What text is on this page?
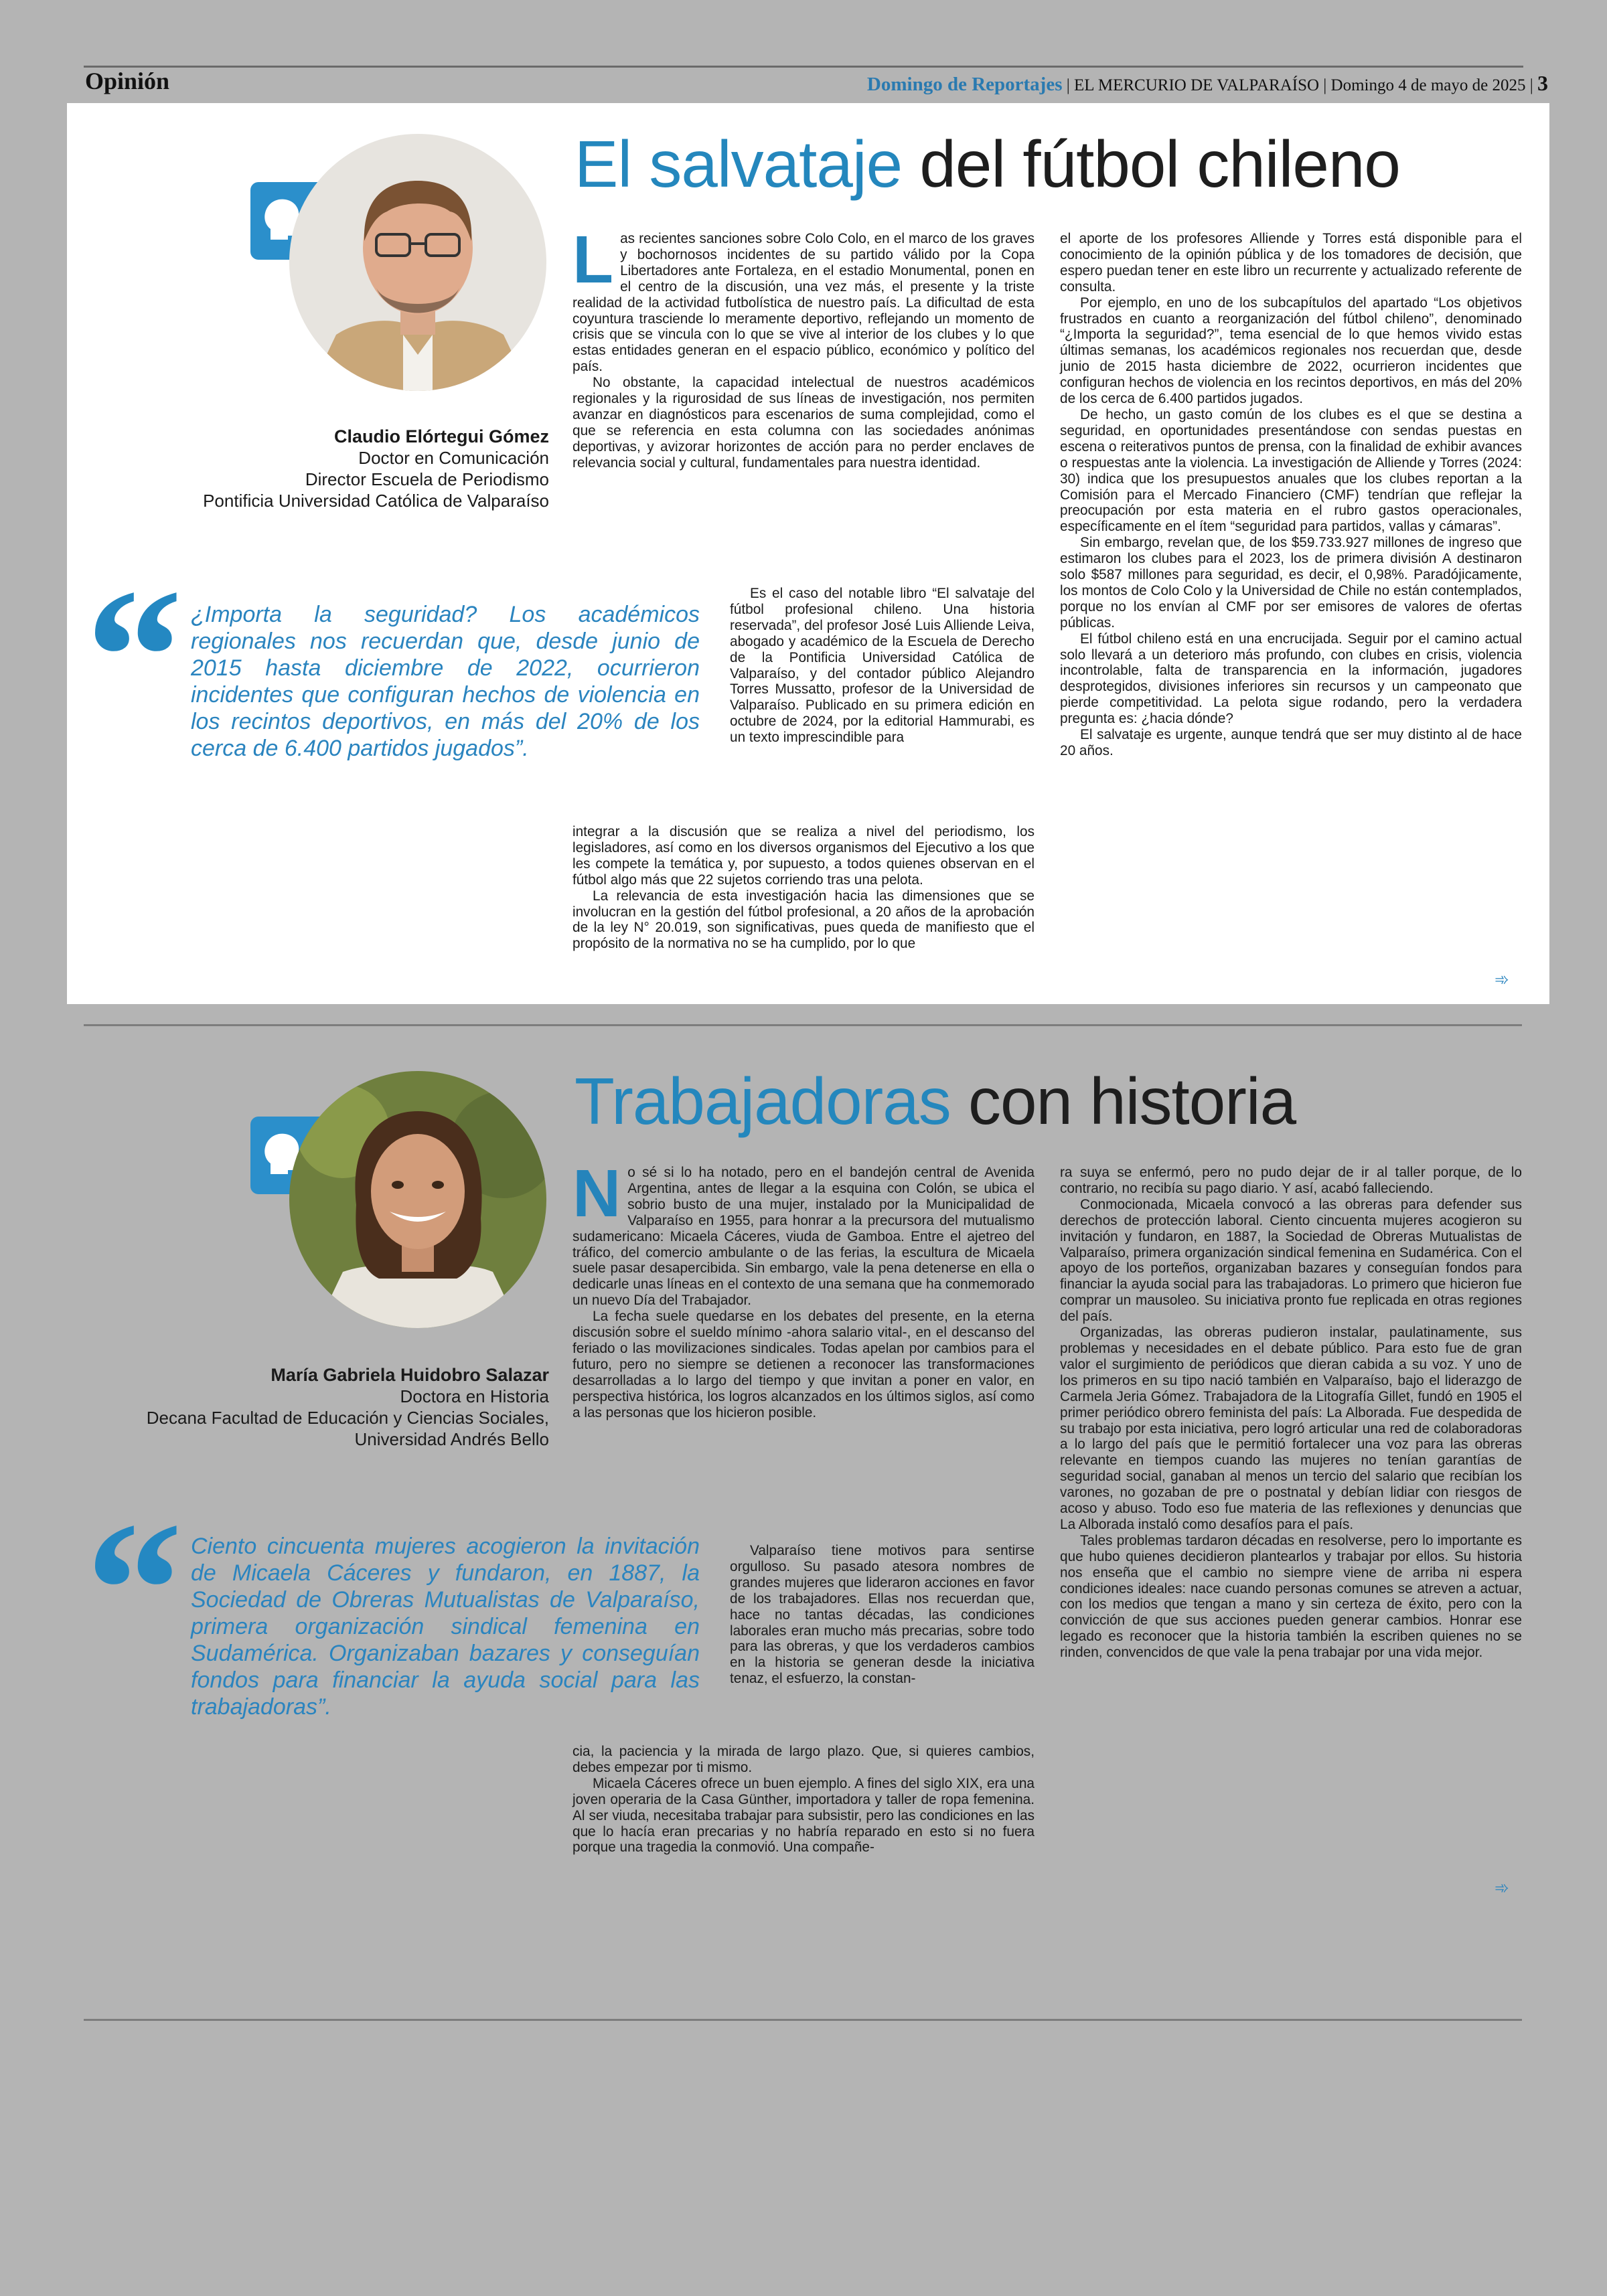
Opinión	Domingo de Reportajes | EL MERCURIO DE VALPARAÍSO | Domingo 4 de mayo de 2025 | 3
El salvataje del fútbol chileno
Claudio Elórtegui Gómez
Doctor en Comunicación
Director Escuela de Periodismo
Pontificia Universidad Católica de Valparaíso
“ ¿Importa la seguridad? Los académicos regionales nos recuerdan que, desde junio de 2015 hasta diciembre de 2022, ocurrieron incidentes que configuran hechos de violencia en los recintos deportivos, en más del 20% de los cerca de 6.400 partidos jugados”.

Las recientes sanciones sobre Colo Colo, en el marco de los graves y bochornosos incidentes de su partido válido por la Copa Libertadores ante Fortaleza, en el estadio Monumental, ponen en el centro de la discusión, una vez más, el presente y la triste realidad de la actividad futbolística de nuestro país. La dificultad de esta coyuntura trasciende lo meramente deportivo, reflejando un momento de crisis que se vincula con lo que se vive al interior de los clubes y lo que estas entidades generan en el espacio público, económico y político del país.

No obstante, la capacidad intelectual de nuestros académicos regionales y la rigurosidad de sus líneas de investigación, nos permiten avanzar en diagnósticos para escenarios de suma complejidad, como el que se referencia en esta columna con las sociedades anónimas deportivas, y avizorar horizontes de acción para no perder enclaves de relevancia social y cultural, fundamentales para nuestra identidad.

Es el caso del notable libro “El salvataje del fútbol profesional chileno. Una historia reservada”, del profesor José Luis Alliende Leiva, abogado y académico de la Escuela de Derecho de la Pontificia Universidad Católica de Valparaíso, y del contador público Alejandro Torres Mussatto, profesor de la Universidad de Valparaíso. Publicado en su primera edición en octubre de 2024, por la editorial Hammurabi, es un texto imprescindible para

integrar a la discusión que se realiza a nivel del periodismo, los legisladores, así como en los diversos organismos del Ejecutivo a los que les compete la temática y, por supuesto, a todos quienes observan en el fútbol algo más que 22 sujetos corriendo tras una pelota.

La relevancia de esta investigación hacia las dimensiones que se involucran en la gestión del fútbol profesional, a 20 años de la aprobación de la ley N° 20.019, son significativas, pues queda de manifiesto que el propósito de la normativa no se ha cumplido, por lo que

el aporte de los profesores Alliende y Torres está disponible para el conocimiento de la opinión pública y de los tomadores de decisión, que espero puedan tener en este libro un recurrente y actualizado referente de consulta.

Por ejemplo, en uno de los subcapítulos del apartado “Los objetivos frustrados en cuanto a reorganización del fútbol chileno”, denominado “¿Importa la seguridad?”, tema esencial de lo que hemos vivido estas últimas semanas, los académicos regionales nos recuerdan que, desde junio de 2015 hasta diciembre de 2022, ocurrieron incidentes que configuran hechos de violencia en los recintos deportivos, en más del 20% de los cerca de 6.400 partidos jugados.

De hecho, un gasto común de los clubes es el que se destina a seguridad, en oportunidades presentándose con sendas puestas en escena o reiterativos puntos de prensa, con la finalidad de exhibir avances o respuestas ante la violencia. La investigación de Alliende y Torres (2024: 30) indica que los presupuestos anuales que los clubes reportan a la Comisión para el Mercado Financiero (CMF) tendrían que reflejar la preocupación por esta materia en el rubro gastos operacionales, específicamente en el ítem “seguridad para partidos, vallas y cámaras”.

Sin embargo, revelan que, de los $59.733.927 millones de ingreso que estimaron los clubes para el 2023, los de primera división A destinaron solo $587 millones para seguridad, es decir, el 0,98%. Paradójicamente, los montos de Colo Colo y la Universidad de Chile no están contemplados, porque no los envían al CMF por ser emisores de valores de ofertas públicas.

El fútbol chileno está en una encrucijada. Seguir por el camino actual solo llevará a un deterioro más profundo, con clubes en crisis, violencia incontrolable, falta de transparencia en la información, jugadores desprotegidos, divisiones inferiores sin recursos y un campeonato que pierde competitividad. La pelota sigue rodando, pero la verdadera pregunta es: ¿hacia dónde?

El salvataje es urgente, aunque tendrá que ser muy distinto al de hace 20 años.

➾
Trabajadoras con historia
María Gabriela Huidobro Salazar
Doctora en Historia
Decana Facultad de Educación y Ciencias Sociales,
Universidad Andrés Bello
“ Ciento cincuenta mujeres acogieron la invitación de Micaela Cáceres y fundaron, en 1887, la Sociedad de Obreras Mutualistas de Valparaíso, primera organización sindical femenina en Sudamérica. Organizaban bazares y conseguían fondos para financiar la ayuda social para las trabajadoras”.

No sé si lo ha notado, pero en el bandejón central de Avenida Argentina, antes de llegar a la esquina con Colón, se ubica el sobrio busto de una mujer, instalado por la Municipalidad de Valparaíso en 1955, para honrar a la precursora del mutualismo sudamericano: Micaela Cáceres, viuda de Gamboa. Entre el ajetreo del tráfico, del comercio ambulante o de las ferias, la escultura de Micaela suele pasar desapercibida. Sin embargo, vale la pena detenerse en ella o dedicarle unas líneas en el contexto de una semana que ha conmemorado un nuevo Día del Trabajador.

La fecha suele quedarse en los debates del presente, en la eterna discusión sobre el sueldo mínimo -ahora salario vital-, en el descanso del feriado o las movilizaciones sindicales. Todas apelan por cambios para el futuro, pero no siempre se detienen a reconocer las transformaciones desarrolladas a lo largo del tiempo y que invitan a poner en valor, en perspectiva histórica, los logros alcanzados en los últimos siglos, así como a las personas que los hicieron posible.

Valparaíso tiene motivos para sentirse orgulloso. Su pasado atesora nombres de grandes mujeres que lideraron acciones en favor de los trabajadores. Ellas nos recuerdan que, hace no tantas décadas, las condiciones laborales eran mucho más precarias, sobre todo para las obreras, y que los verdaderos cambios en la historia se generan desde la iniciativa tenaz, el esfuerzo, la constan-

cia, la paciencia y la mirada de largo plazo. Que, si quieres cambios, debes empezar por ti mismo.

Micaela Cáceres ofrece un buen ejemplo. A fines del siglo XIX, era una joven operaria de la Casa Günther, importadora y taller de ropa femenina. Al ser viuda, necesitaba trabajar para subsistir, pero las condiciones en las que lo hacía eran precarias y no habría reparado en esto si no fuera porque una tragedia la conmovió. Una compañe-

ra suya se enfermó, pero no pudo dejar de ir al taller porque, de lo contrario, no recibía su pago diario. Y así, acabó falleciendo.

Conmocionada, Micaela convocó a las obreras para defender sus derechos de protección laboral. Ciento cincuenta mujeres acogieron su invitación y fundaron, en 1887, la Sociedad de Obreras Mutualistas de Valparaíso, primera organización sindical femenina en Sudamérica. Con el apoyo de los porteños, organizaban bazares y conseguían fondos para financiar la ayuda social para las trabajadoras. Lo primero que hicieron fue comprar un mausoleo. Su iniciativa pronto fue replicada en otras regiones del país.

Organizadas, las obreras pudieron instalar, paulatinamente, sus problemas y necesidades en el debate público. Para esto fue de gran valor el surgimiento de periódicos que dieran cabida a su voz. Y uno de los primeros en su tipo nació también en Valparaíso, bajo el liderazgo de Carmela Jeria Gómez. Trabajadora de la Litografía Gillet, fundó en 1905 el primer periódico obrero feminista del país: La Alborada. Fue despedida de su trabajo por esta iniciativa, pero logró articular una red de colaboradoras a lo largo del país que le permitió fortalecer una voz para las obreras relevante en tiempos cuando las mujeres no tenían garantías de seguridad social, ganaban al menos un tercio del salario que recibían los varones, no gozaban de pre o postnatal y debían lidiar con riesgos de acoso y abuso. Todo eso fue materia de las reflexiones y denuncias que La Alborada instaló como desafíos para el país.

Tales problemas tardaron décadas en resolverse, pero lo importante es que hubo quienes decidieron plantearlos y trabajar por ellos. Su historia nos enseña que el cambio no siempre viene de arriba ni espera condiciones ideales: nace cuando personas comunes se atreven a actuar, con los medios que tengan a mano y sin certeza de éxito, pero con la convicción de que sus acciones pueden generar cambios. Honrar ese legado es reconocer que la historia también la escriben quienes no se rinden, convencidos de que vale la pena trabajar por una vida mejor.

➾
